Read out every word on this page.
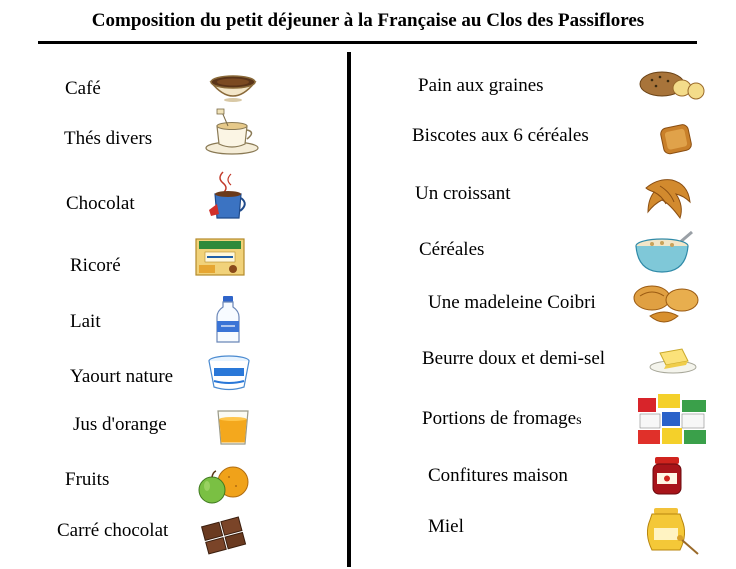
Composition du petit déjeuner à la Française au Clos des Passiflores
Café
Thés divers
Chocolat
Ricoré
Lait
Yaourt nature
Jus d'orange
Fruits
Carré chocolat
Pain aux graines
Biscotes aux 6 céréales
Un croissant
Céréales
Une madeleine Coibri
Beurre doux et demi-sel
Portions de fromages
Confitures maison
Miel
